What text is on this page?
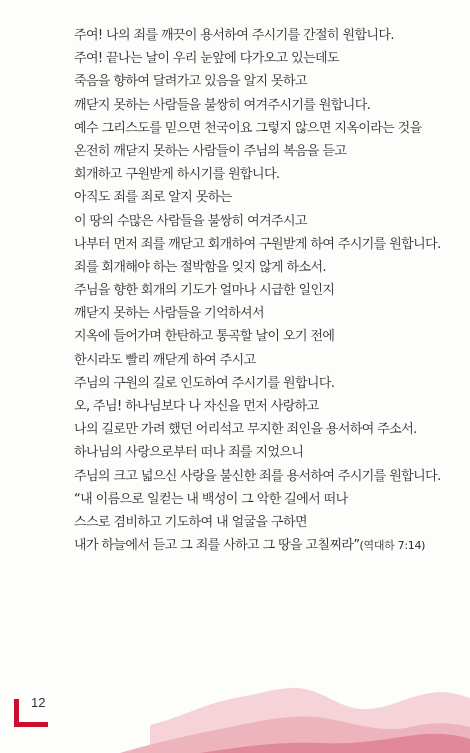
주여! 나의 죄를 깨끗이 용서하여 주시기를 간절히 원합니다.
주여! 끝나는 날이 우리 눈앞에 다가오고 있는데도
죽음을 향하여 달려가고 있음을 알지 못하고
깨닫지 못하는 사람들을 불쌍히 여겨주시기를 원합니다.
예수 그리스도를 믿으면 천국이요 그렇지 않으면 지옥이라는 것을
온전히 깨닫지 못하는 사람들이 주님의 복음을 듣고
회개하고 구원받게 하시기를 원합니다.
아직도 죄를 죄로 알지 못하는
이 땅의 수많은 사람들을 불쌍히 여겨주시고
나부터 먼저 죄를 깨닫고 회개하여 구원받게 하여 주시기를 원합니다.
죄를 회개해야 하는 절박함을 잊지 않게 하소서.
주님을 향한 회개의 기도가 얼마나 시급한 일인지
깨닫지 못하는 사람들을 기억하셔서
지옥에 들어가며 한탄하고 통곡할 날이 오기 전에
한시라도 빨리 깨닫게 하여 주시고
주님의 구원의 길로 인도하여 주시기를 원합니다.
오, 주님! 하나님보다 나 자신을 먼저 사랑하고
나의 길로만 가려 했던 어리석고 무지한 죄인을 용서하여 주소서.
하나님의 사랑으로부터 떠나 죄를 지었으니
주님의 크고 넓으신 사랑을 불신한 죄를 용서하여 주시기를 원합니다.
“내 이름으로 일컫는 내 백성이 그 악한 길에서 떠나
스스로 겸비하고 기도하여 내 얼굴을 구하면
내가 하늘에서 듣고 그 죄를 사하고 그 땅을 고칠찌라”(역대하 7:14)
12
